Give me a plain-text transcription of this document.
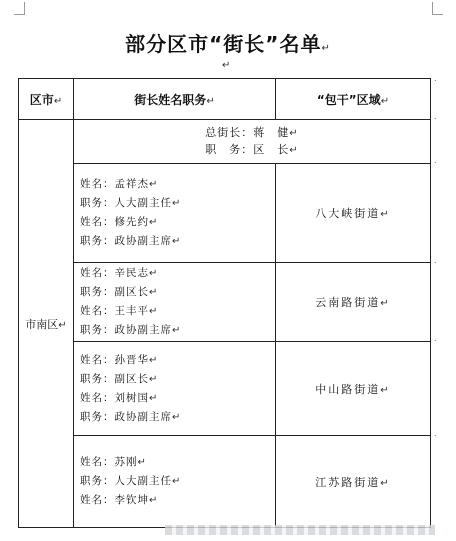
部分区市“街长”名单↵
↵
区市↵	街长姓名职务↵	“包干”区域↵
市南区↵	总街长：蒋　健↵
职　务：区　长↵	

	姓名：孟祥杰↵
职务：人大副主任↵
姓名：修先约↵
职务：政协副主席↵	八大峡街道↵

	姓名：辛民志↵
职务：副区长↵
姓名：王丰平↵
职务：政协副主席↵	云南路街道↵

	姓名：孙晋华↵
职务：副区长↵
姓名：刘树国↵
职务：政协副主席↵	中山路街道↵

	姓名：苏刚↵
职务：人大副主任↵
姓名：李钦坤↵	江苏路街道↵
˙
˙
˙
˙
˙
˙
